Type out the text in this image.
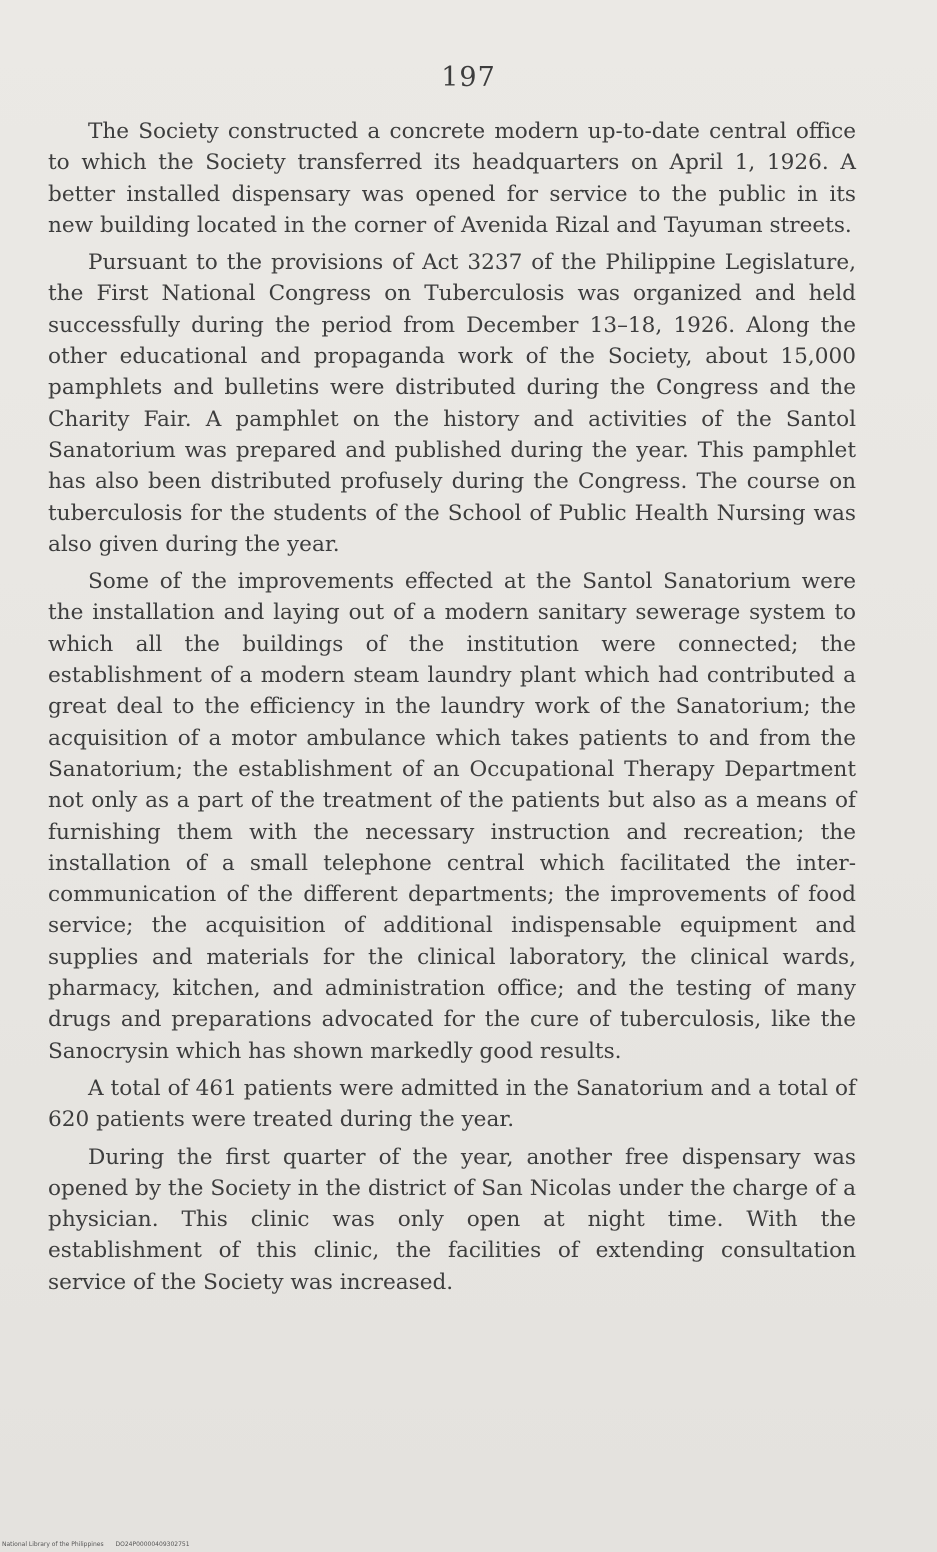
197

The Society constructed a concrete modern up-to-date central office to which the Society transferred its headquarters on April 1, 1926. A better installed dispensary was opened for service to the public in its new building located in the corner of Avenida Rizal and Tayuman streets.

Pursuant to the provisions of Act 3237 of the Philippine Legislature, the First National Congress on Tuberculosis was organized and held successfully during the period from December 13–18, 1926. Along the other educational and propaganda work of the Society, about 15,000 pamphlets and bulletins were distributed during the Congress and the Charity Fair. A pamphlet on the history and activities of the Santol Sanatorium was prepared and published during the year. This pamphlet has also been distributed profusely during the Congress. The course on tuberculosis for the students of the School of Public Health Nursing was also given during the year.

Some of the improvements effected at the Santol Sanatorium were the installation and laying out of a modern sanitary sewerage system to which all the buildings of the institution were connected; the establishment of a modern steam laundry plant which had contributed a great deal to the efficiency in the laundry work of the Sanatorium; the acquisition of a motor ambulance which takes patients to and from the Sanatorium; the establishment of an Occupational Therapy Department not only as a part of the treatment of the patients but also as a means of furnishing them with the necessary instruction and recreation; the installation of a small telephone central which facilitated the inter-communication of the different departments; the improvements of food service; the acquisition of additional indispensable equipment and supplies and materials for the clinical laboratory, the clinical wards, pharmacy, kitchen, and administration office; and the testing of many drugs and preparations advocated for the cure of tuberculosis, like the Sanocrysin which has shown markedly good results.

A total of 461 patients were admitted in the Sanatorium and a total of 620 patients were treated during the year.

During the first quarter of the year, another free dispensary was opened by the Society in the district of San Nicolas under the charge of a physician. This clinic was only open at night time. With the establishment of this clinic, the facilities of extending consultation service of the Society was increased.

National Library of the Philippines DO24P00000409302751
